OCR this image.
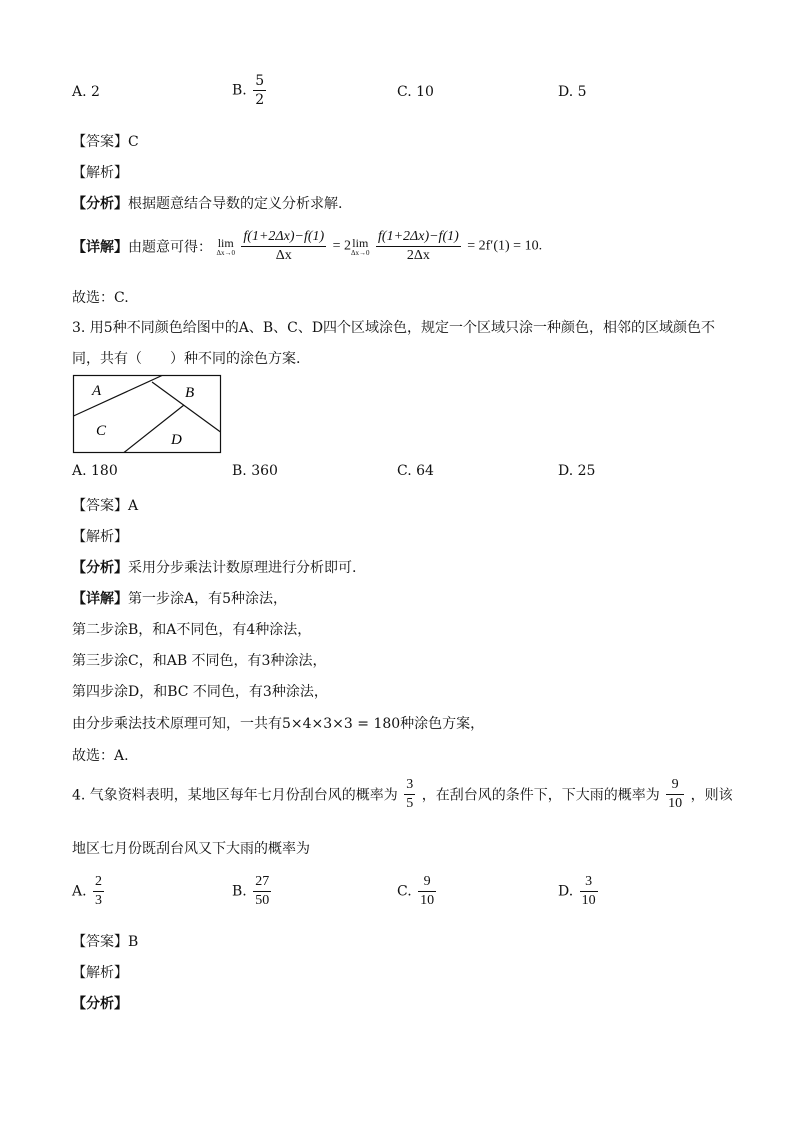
A. 2	B. $\frac{5}{2}$	C. 10	D. 5
【答案】C
【解析】
【分析】根据题意结合导数的定义分析求解.
【详解】由题意可得： lim
Δx→0
$\frac{f(1+2\Delta x)-f(1)}{\Delta x} = 2\lim$
Δx→0
$\frac{f(1+2\Delta x)-f(1)}{2\Delta x} = 2f'(1) = 10$.
故选：C.
3. 用5种不同颜色给图中的A、B、C、D四个区域涂色，规定一个区域只涂一种颜色，相邻的区域颜色不
同，共有（　　）种不同的涂色方案.
A	B
C
D
A. 180	B. 360	C. 64	D. 25
【答案】A
【解析】
【分析】采用分步乘法计数原理进行分析即可.
【详解】第一步涂A，有5种涂法，
第二步涂B，和A不同色，有4种涂法，
第三步涂C，和AB 不同色，有3种涂法，
第四步涂D，和BC 不同色，有3种涂法，
由分步乘法技术原理可知，一共有5×4×3×3 = 180种涂色方案，
故选：A.
4. 气象资料表明，某地区每年七月份刮台风的概率为 $\frac{3}{5}$ ，在刮台风的条件下，下大雨的概率为 $\frac{9}{10}$ ，则该
地区七月份既刮台风又下大雨的概率为
A. $\frac{2}{3}$	B. $\frac{27}{50}$	C. $\frac{9}{10}$	D. $\frac{3}{10}$
【答案】B
【解析】
【分析】
